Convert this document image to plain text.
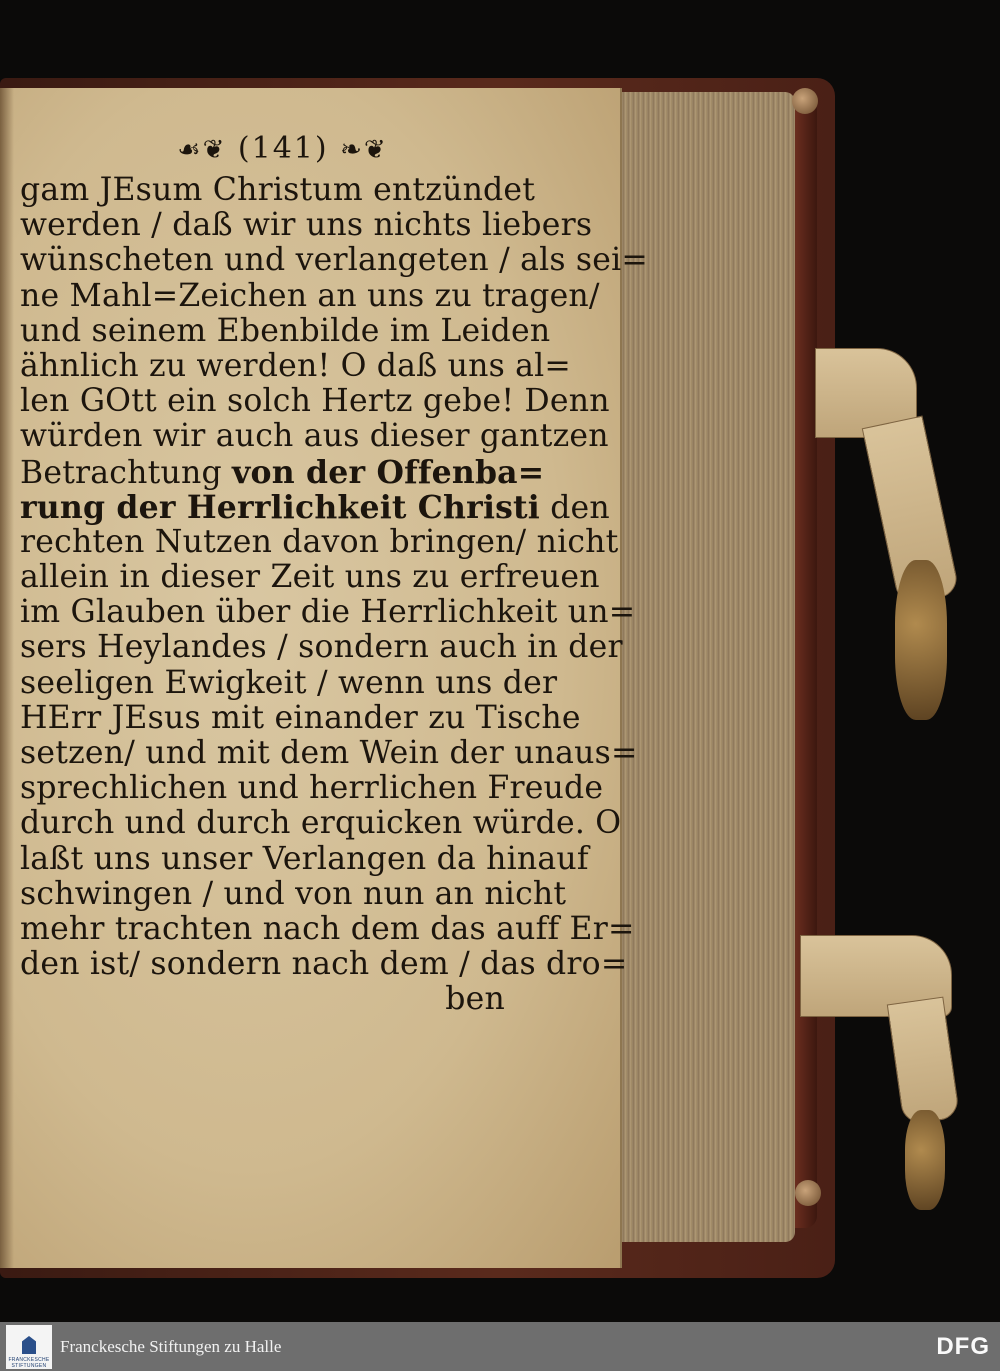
☙❦ (141) ❧❦
gam JEsum Christum entzündet
werden / daß wir uns nichts liebers
wünscheten und verlangeten / als sei=
ne Mahl=Zeichen an uns zu tragen/
und seinem Ebenbilde im Leiden
ähnlich zu werden! O daß uns al=
len GOtt ein solch Hertz gebe! Denn
würden wir auch aus dieser gantzen
Betrachtung von der Offenba=
rung der Herrlichkeit Christi den
rechten Nutzen davon bringen/ nicht
allein in dieser Zeit uns zu erfreuen
im Glauben über die Herrlichkeit un=
sers Heylandes / sondern auch in der
seeligen Ewigkeit / wenn uns der
HErr JEsus mit einander zu Tische
setzen/ und mit dem Wein der unaus=
sprechlichen und herrlichen Freude
durch und durch erquicken würde. O
laßt uns unser Verlangen da hinauf
schwingen / und von nun an nicht
mehr trachten nach dem das auff Er=
den ist/ sondern nach dem / das dro=
ben
FRANCKESCHE
STIFTUNGEN
Franckesche Stiftungen zu Halle	DFG
